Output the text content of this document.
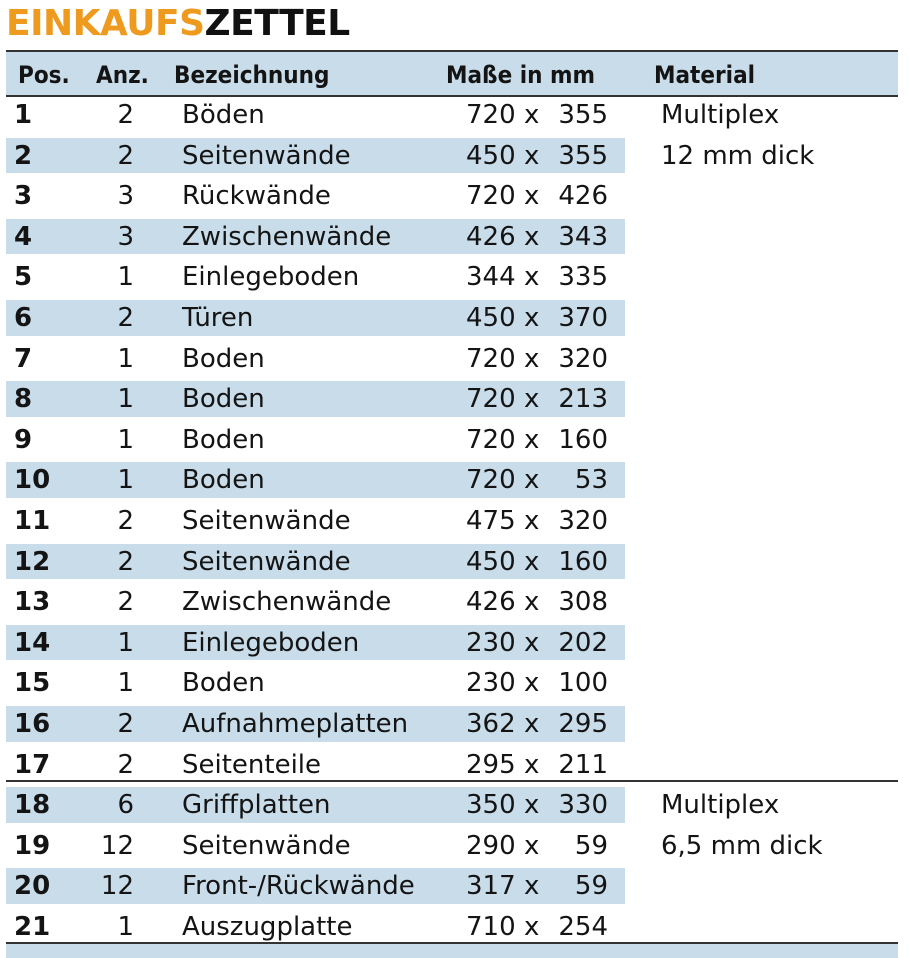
EINKAUFSZETTEL
Pos. Anz. Bezeichnung	Maße in mm Material
1	2 Böden	720 x 355 Multiplex
2	2 Seitenwände	450 x 355 12 mm dick
3	3 Rückwände	720 x 426
4	3 Zwischenwände	426 x 343
5	1 Einlegeboden	344 x 335
6	2 Türen	450 x 370
7	1 Boden	720 x 320
8	1 Boden	720 x 213
9	1 Boden	720 x 160
10	1 Boden	720 x	53
11	2 Seitenwände	475 x 320
12	2 Seitenwände	450 x 160
13	2 Zwischenwände	426 x 308
14	1 Einlegeboden	230 x 202
15	1 Boden	230 x 100
16	2 Aufnahmeplatten 362 x 295
17	2 Seitenteile	295 x 211
18	6 Griffplatten	350 x 330 Multiplex
19 12 Seitenwände	290 x	59 6,5 mm dick
20 12 Front-/Rückwände 317 x	59
21	1 Auszugplatte	710 x 254
